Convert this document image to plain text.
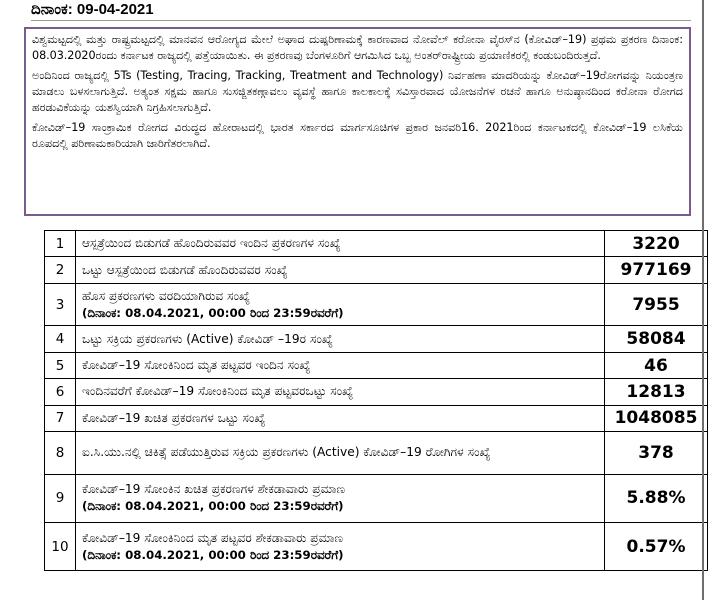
ದಿನಾಂಕ: 09-04-2021

ವಿಶ್ವಮಟ್ಟದಲ್ಲಿ ಮತ್ತು ರಾಷ್ಟ್ರಮಟ್ಟದಲ್ಲಿ ಮಾನವನ ಆರೋಗ್ಯದ ಮೇಲೆ ಅಘಾದ ದುಷ್ಪರಿಣಾಮಕ್ಕೆ ಕಾರಣವಾದ ನೋವೆಲ್ ಕರೋನಾ ವೈರಸ್‌ನ (ಕೋವಿಡ್–19) ಪ್ರಥಮ ಪ್ರಕರಣ ದಿನಾಂಕ: 08.03.2020ರಂದು ಕರ್ನಾಟಕ ರಾಜ್ಯದಲ್ಲಿ ಪತ್ತೆಯಾಯಿತು. ಈ ಪ್ರಕರಣವು ಬೆಂಗಳೂರಿಗೆ ಆಗಮಿಸಿದ ಒಬ್ಬ ಅಂತರ್‌ರಾಷ್ಟ್ರೀಯ ಪ್ರಯಾಣಿಕರಲ್ಲಿ ಕಂಡುಬಂದಿರುತ್ತದೆ.

ಅಂದಿನಿಂದ ರಾಜ್ಯದಲ್ಲಿ 5Ts (Testing, Tracing, Tracking, Treatment and Technology) ನಿರ್ವಹಣಾ ಮಾದರಿಯನ್ನು ಕೋವಿಡ್–19ರೋಗವನ್ನು ನಿಯಂತ್ರಣ ಮಾಡಲು ಬಳಸಲಾಗುತ್ತಿದೆ. ಅತ್ಯಂತ ಸಕ್ಷಮ ಹಾಗೂ ಸುಸಜ್ಜಿತಕಣ್ಗಾವಲು ವ್ಯವಸ್ಥೆ ಹಾಗೂ ಕಾಲಕಾಲಕ್ಕೆ ಸವಿಸ್ತಾರವಾದ ಯೋಜನೆಗಳ ರಚನೆ ಹಾಗೂ ಅನುಷ್ಠಾನದಿಂದ ಕರೋನಾ ರೋಗದ ಹರಡುವಿಕೆಯನ್ನು ಯಶಸ್ವಿಯಾಗಿ ನಿಗ್ರಹಿಸಲಾಗುತ್ತಿದೆ.

ಕೋವಿಡ್–19 ಸಾಂಕ್ರಾಮಿಕ ರೋಗದ ವಿರುದ್ಧದ ಹೋರಾಟದಲ್ಲಿ ಭಾರತ ಸರ್ಕಾರದ ಮಾರ್ಗಸೂಚಿಗಳ ಪ್ರಕಾರ ಜನವರಿ16. 2021ರಿಂದ ಕರ್ನಾಟಕದಲ್ಲಿ ಕೋವಿಡ್–19 ಲಸಿಕೆಯ ರೂಪದಲ್ಲಿ ಪರಿಣಾಮಕಾರಿಯಾಗಿ ಜಾರಿಗೆತರಲಾಗಿದೆ.

1	ಆಸ್ಪತ್ರೆಯಿಂದ ಬಿಡುಗಡೆ ಹೊಂದಿರುವವರ ಇಂದಿನ ಪ್ರಕರಣಗಳ ಸಂಖ್ಯೆ	3220
2	ಒಟ್ಟು ಆಸ್ಪತ್ರೆಯಿಂದ ಬಿಡುಗಡೆ ಹೊಂದಿರುವವರ ಸಂಖ್ಯೆ	977169
3	ಹೊಸ ಪ್ರಕರಣಗಳು ವರದಿಯಾಗಿರುವ ಸಂಖ್ಯೆ
(ದಿನಾಂಕ: 08.04.2021, 00:00 ರಿಂದ 23:59ರವರೆಗೆ)	7955
4	ಒಟ್ಟು ಸಕ್ರಿಯ ಪ್ರಕರಣಗಳು (Active) ಕೋವಿಡ್ –19ರ ಸಂಖ್ಯೆ	58084
5	ಕೋವಿಡ್–19 ಸೋಂಕಿನಿಂದ ಮೃತ ಪಟ್ಟವರ ಇಂದಿನ ಸಂಖ್ಯೆ	46
6	ಇಂದಿನವರೆಗೆ ಕೋವಿಡ್–19 ಸೋಂಕಿನಿಂದ ಮೃತ ಪಟ್ಟವರಒಟ್ಟು ಸಂಖ್ಯೆ	12813
7	ಕೋವಿಡ್–19 ಖಚಿತ ಪ್ರಕರಣಗಳ ಒಟ್ಟು ಸಂಖ್ಯೆ	1048085
8	ಐ.ಸಿ.ಯು.ನಲ್ಲಿ ಚಿಕಿತ್ಸೆ ಪಡೆಯುತ್ತಿರುವ ಸಕ್ರಿಯ ಪ್ರಕರಣಗಳು (Active) ಕೋವಿಡ್–19 ರೋಗಿಗಳ ಸಂಖ್ಯೆ	378
9	ಕೋವಿಡ್–19 ಸೋಂಕಿನ ಖಚಿತ ಪ್ರಕರಣಗಳ ಶೇಕಡಾವಾರು ಪ್ರಮಾಣ
(ದಿನಾಂಕ: 08.04.2021, 00:00 ರಿಂದ 23:59ರವರೆಗೆ)	5.88%
10	ಕೋವಿಡ್–19 ಸೋಂಕಿನಿಂದ ಮೃತ ಪಟ್ಟವರ ಶೇಕಡಾವಾರು ಪ್ರಮಾಣ
(ದಿನಾಂಕ: 08.04.2021, 00:00 ರಿಂದ 23:59ರವರೆಗೆ)	0.57%
